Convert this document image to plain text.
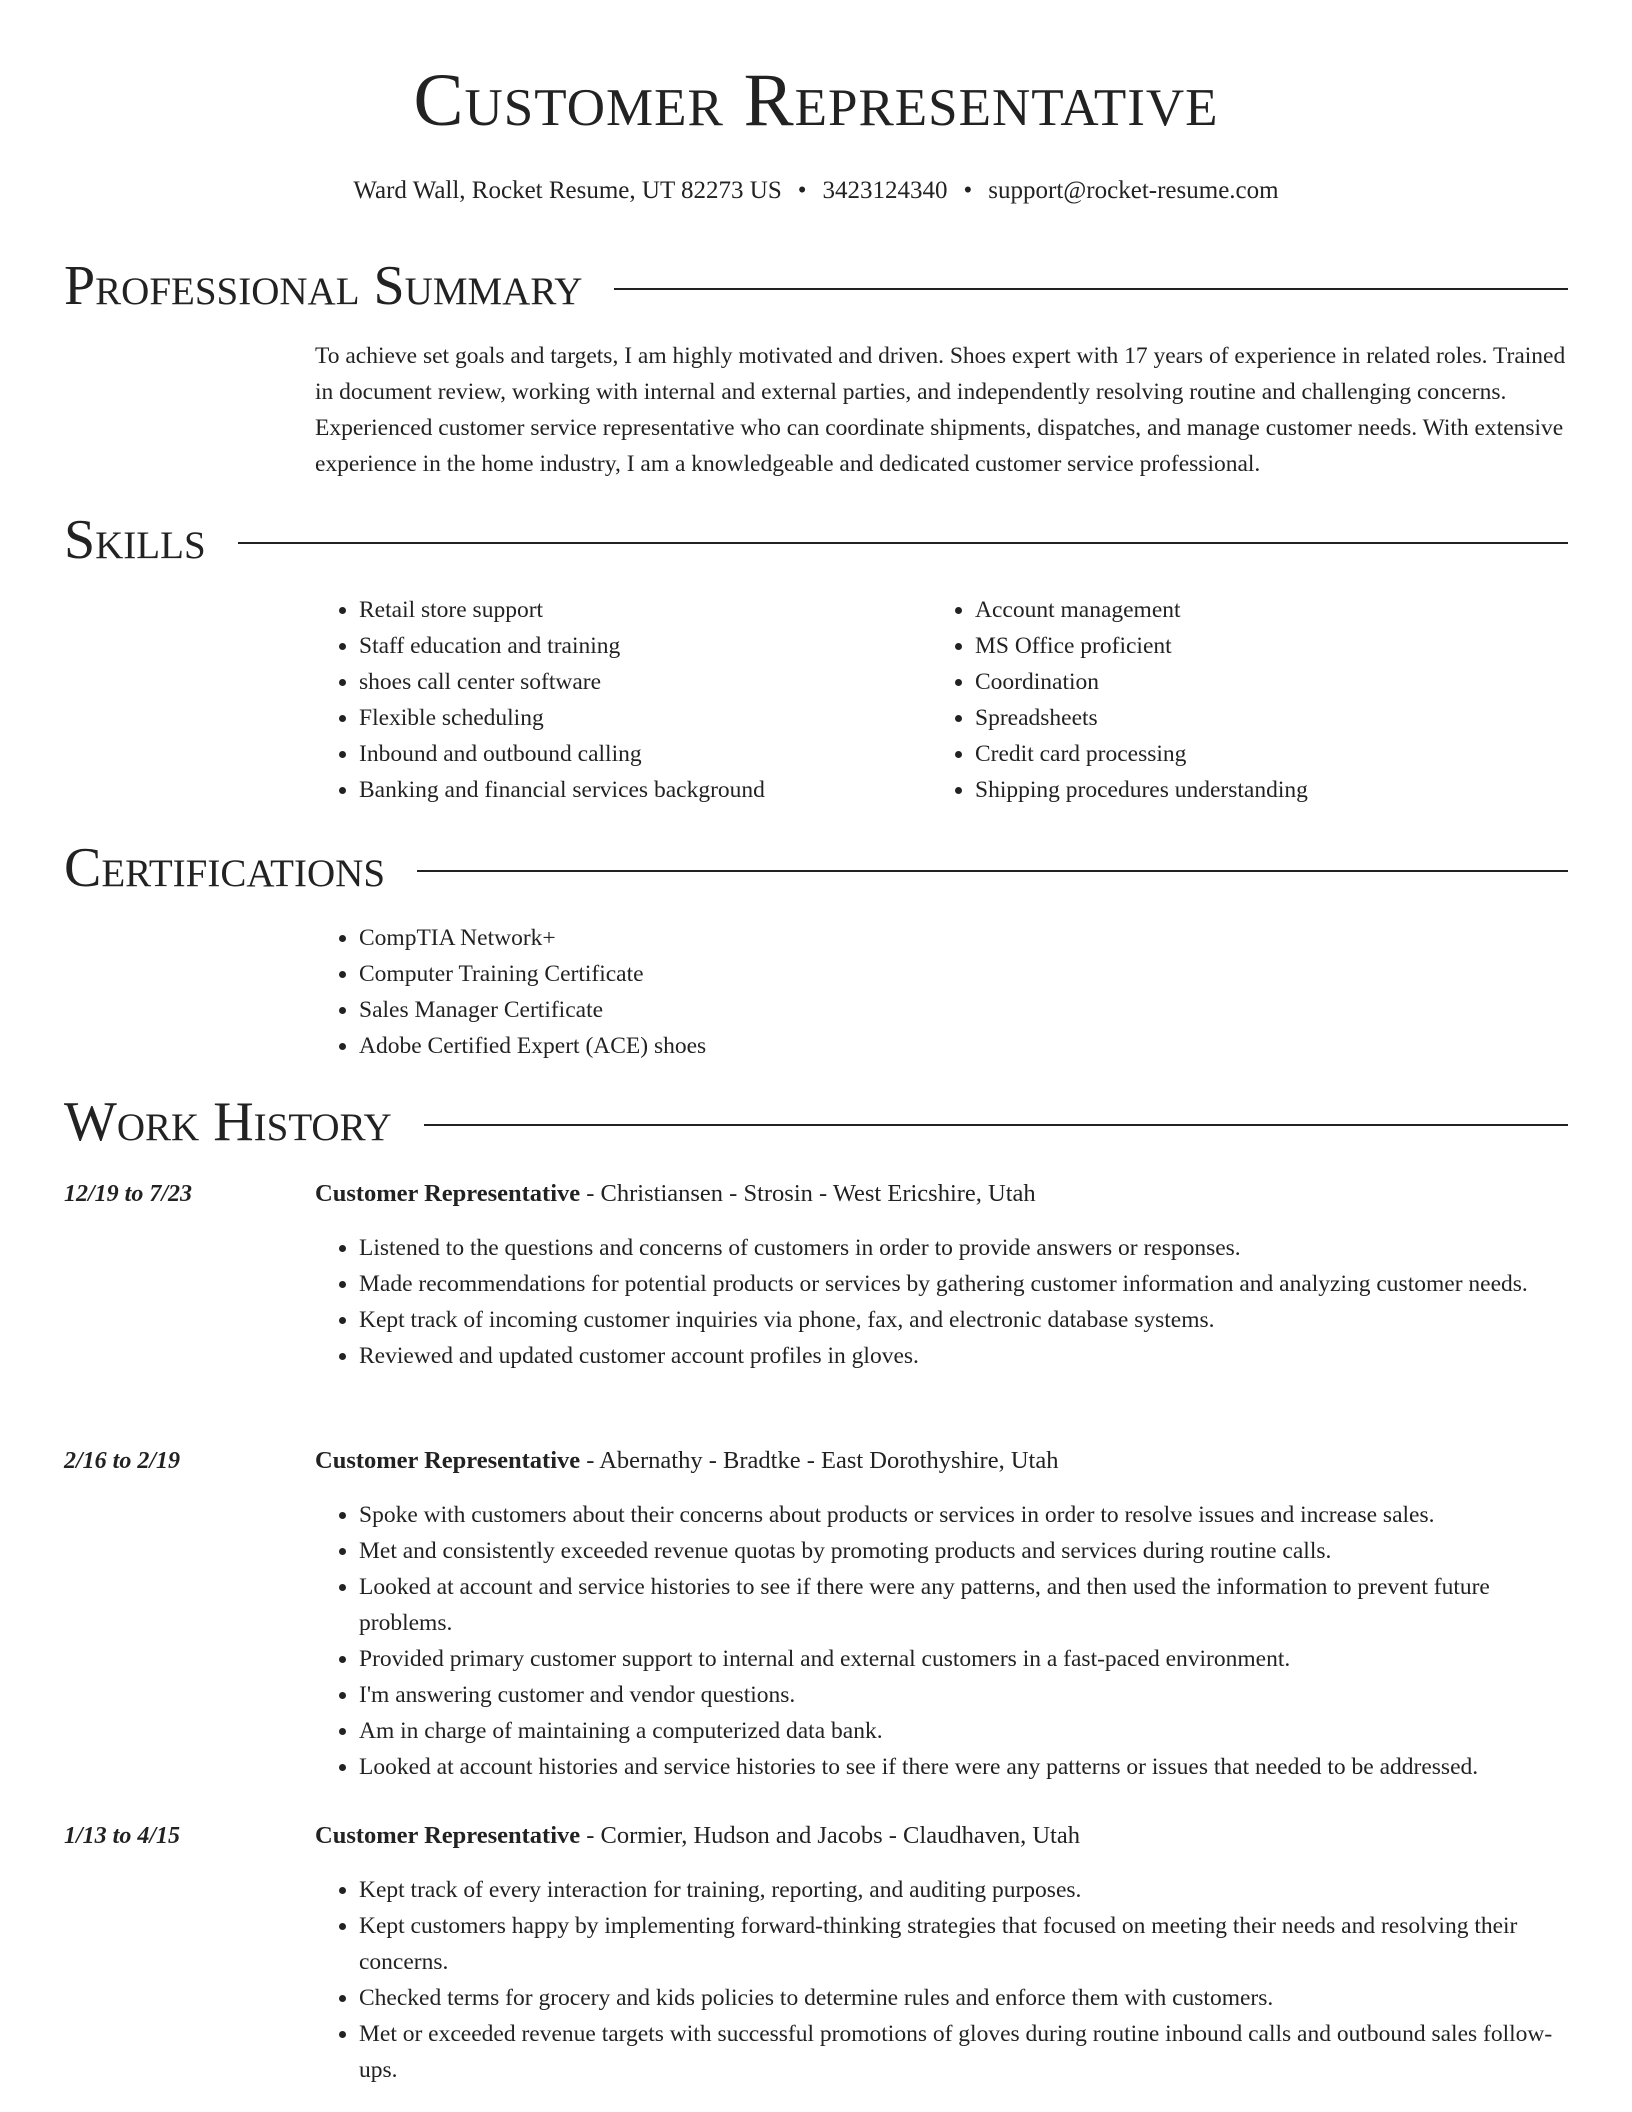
Customer Representative
Ward Wall, Rocket Resume, UT 82273 US • 3423124340 • support@rocket-resume.com
Professional Summary
To achieve set goals and targets, I am highly motivated and driven. Shoes expert with 17 years of experience in related roles. Trained in document review, working with internal and external parties, and independently resolving routine and challenging concerns. Experienced customer service representative who can coordinate shipments, dispatches, and manage customer needs. With extensive experience in the home industry, I am a knowledgeable and dedicated customer service professional.
Skills
• Retail store support
• Staff education and training
• shoes call center software
• Flexible scheduling
• Inbound and outbound calling
• Banking and financial services background
• Account management
• MS Office proficient
• Coordination
• Spreadsheets
• Credit card processing
• Shipping procedures understanding
Certifications
• CompTIA Network+
• Computer Training Certificate
• Sales Manager Certificate
• Adobe Certified Expert (ACE) shoes
Work History
12/19 to 7/23	Customer Representative - Christiansen - Strosin - West Ericshire, Utah
• Listened to the questions and concerns of customers in order to provide answers or responses.
• Made recommendations for potential products or services by gathering customer information and analyzing customer needs.
• Kept track of incoming customer inquiries via phone, fax, and electronic database systems.
• Reviewed and updated customer account profiles in gloves.
2/16 to 2/19	Customer Representative - Abernathy - Bradtke - East Dorothyshire, Utah
• Spoke with customers about their concerns about products or services in order to resolve issues and increase sales.
• Met and consistently exceeded revenue quotas by promoting products and services during routine calls.
• Looked at account and service histories to see if there were any patterns, and then used the information to prevent future problems.
• Provided primary customer support to internal and external customers in a fast-paced environment.
• I'm answering customer and vendor questions.
• Am in charge of maintaining a computerized data bank.
• Looked at account histories and service histories to see if there were any patterns or issues that needed to be addressed.
1/13 to 4/15	Customer Representative - Cormier, Hudson and Jacobs - Claudhaven, Utah
• Kept track of every interaction for training, reporting, and auditing purposes.
• Kept customers happy by implementing forward-thinking strategies that focused on meeting their needs and resolving their concerns.
• Checked terms for grocery and kids policies to determine rules and enforce them with customers.
• Met or exceeded revenue targets with successful promotions of gloves during routine inbound calls and outbound sales follow-ups.
